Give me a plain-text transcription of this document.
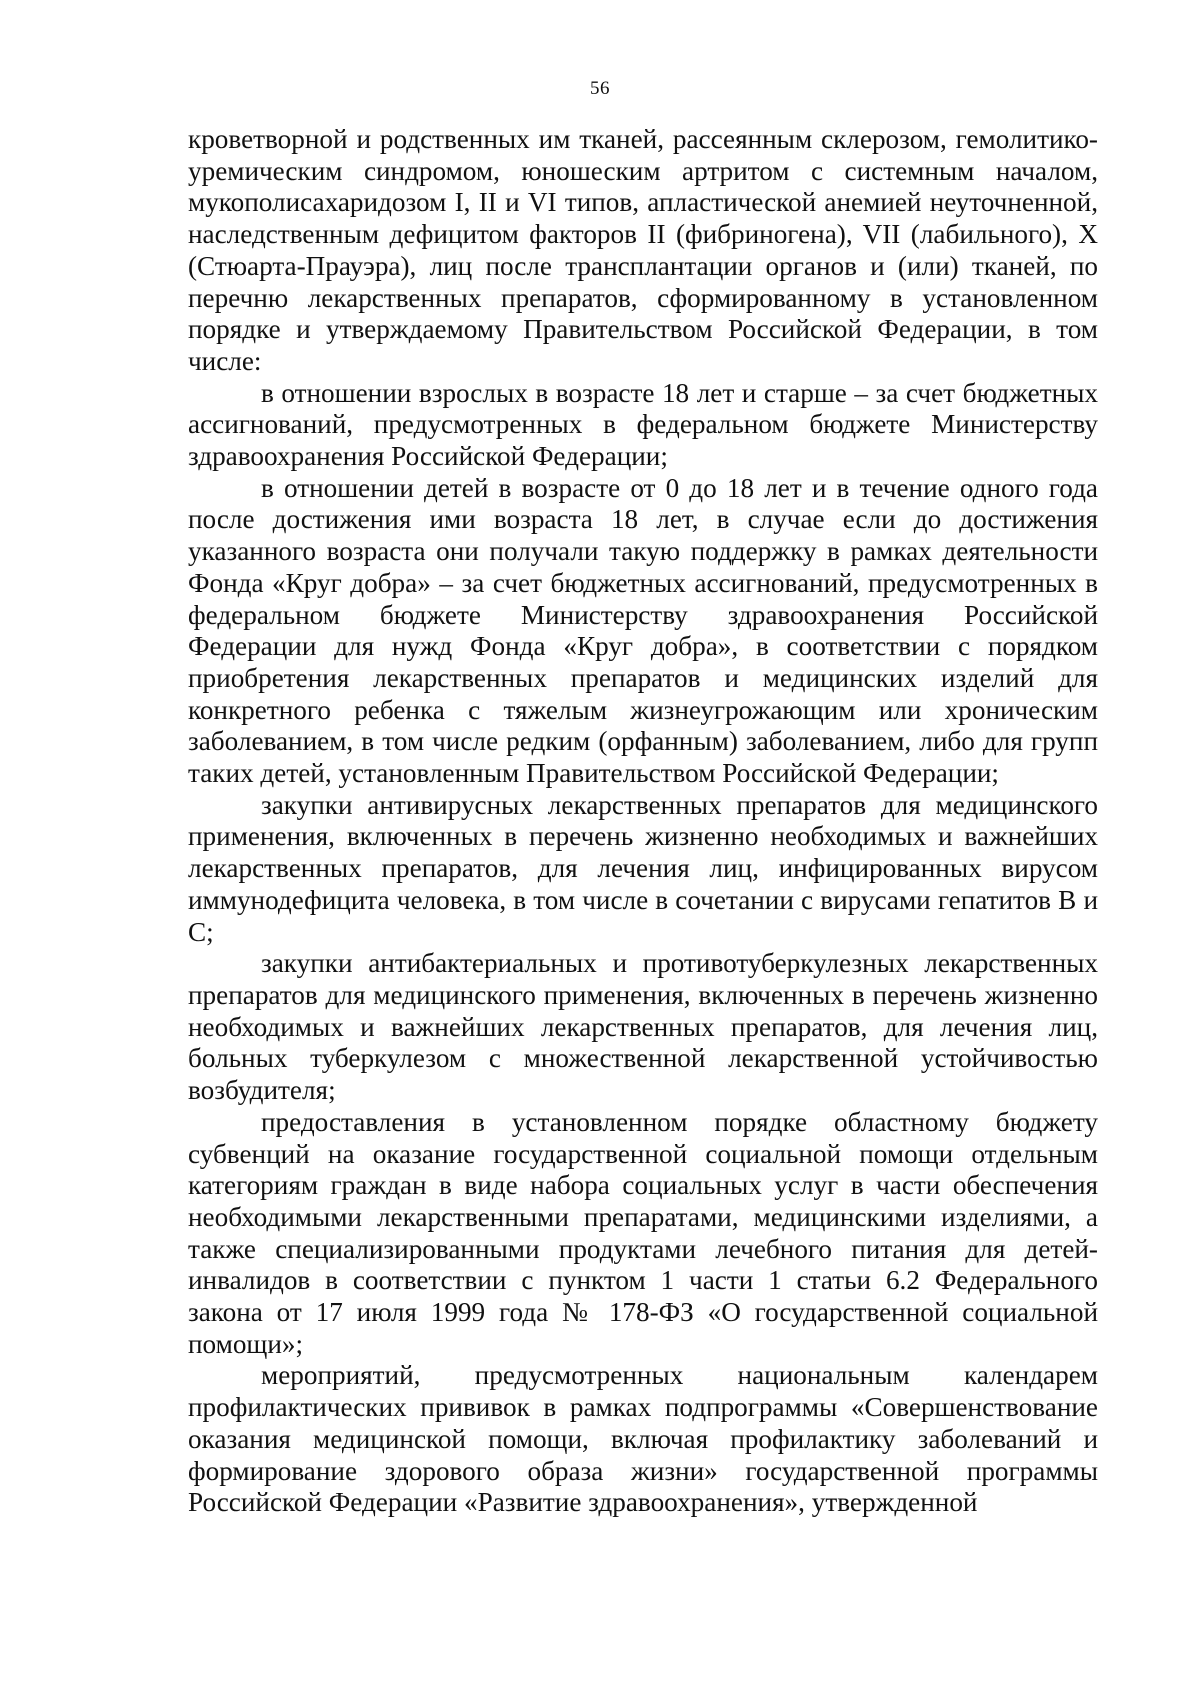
56

кроветворной и родственных им тканей, рассеянным склерозом, гемолитико-уремическим синдромом, юношеским артритом с системным началом, мукополисахаридозом I, II и VI типов, апластической анемией неуточненной, наследственным дефицитом факторов II (фибриногена), VII (лабильного), X (Стюарта-Прауэра), лиц после трансплантации органов и (или) тканей, по перечню лекарственных препаратов, сформированному в установленном порядке и утверждаемому Правительством Российской Федерации, в том числе:

в отношении взрослых в возрасте 18 лет и старше – за счет бюджетных ассигнований, предусмотренных в федеральном бюджете Министерству здравоохранения Российской Федерации;

в отношении детей в возрасте от 0 до 18 лет и в течение одного года после достижения ими возраста 18 лет, в случае если до достижения указанного возраста они получали такую поддержку в рамках деятельности Фонда «Круг добра» – за счет бюджетных ассигнований, предусмотренных в федеральном бюджете Министерству здравоохранения Российской Федерации для нужд Фонда «Круг добра», в соответствии с порядком приобретения лекарственных препаратов и медицинских изделий для конкретного ребенка с тяжелым жизнеугрожающим или хроническим заболеванием, в том числе редким (орфанным) заболеванием, либо для групп таких детей, установленным Правительством Российской Федерации;

закупки антивирусных лекарственных препаратов для медицинского применения, включенных в перечень жизненно необходимых и важнейших лекарственных препаратов, для лечения лиц, инфицированных вирусом иммунодефицита человека, в том числе в сочетании с вирусами гепатитов В и С;

закупки антибактериальных и противотуберкулезных лекарственных препаратов для медицинского применения, включенных в перечень жизненно необходимых и важнейших лекарственных препаратов, для лечения лиц, больных туберкулезом с множественной лекарственной устойчивостью возбудителя;

предоставления в установленном порядке областному бюджету субвенций на оказание государственной социальной помощи отдельным категориям граждан в виде набора социальных услуг в части обеспечения необходимыми лекарственными препаратами, медицинскими изделиями, а также специализированными продуктами лечебного питания для детей-инвалидов в соответствии с пунктом 1 части 1 статьи 6.2 Федерального закона от 17 июля 1999 года № 178-ФЗ «О государственной социальной помощи»;

мероприятий, предусмотренных национальным календарем профилактических прививок в рамках подпрограммы «Совершенствование оказания медицинской помощи, включая профилактику заболеваний и формирование здорового образа жизни» государственной программы Российской Федерации «Развитие здравоохранения», утвержденной
